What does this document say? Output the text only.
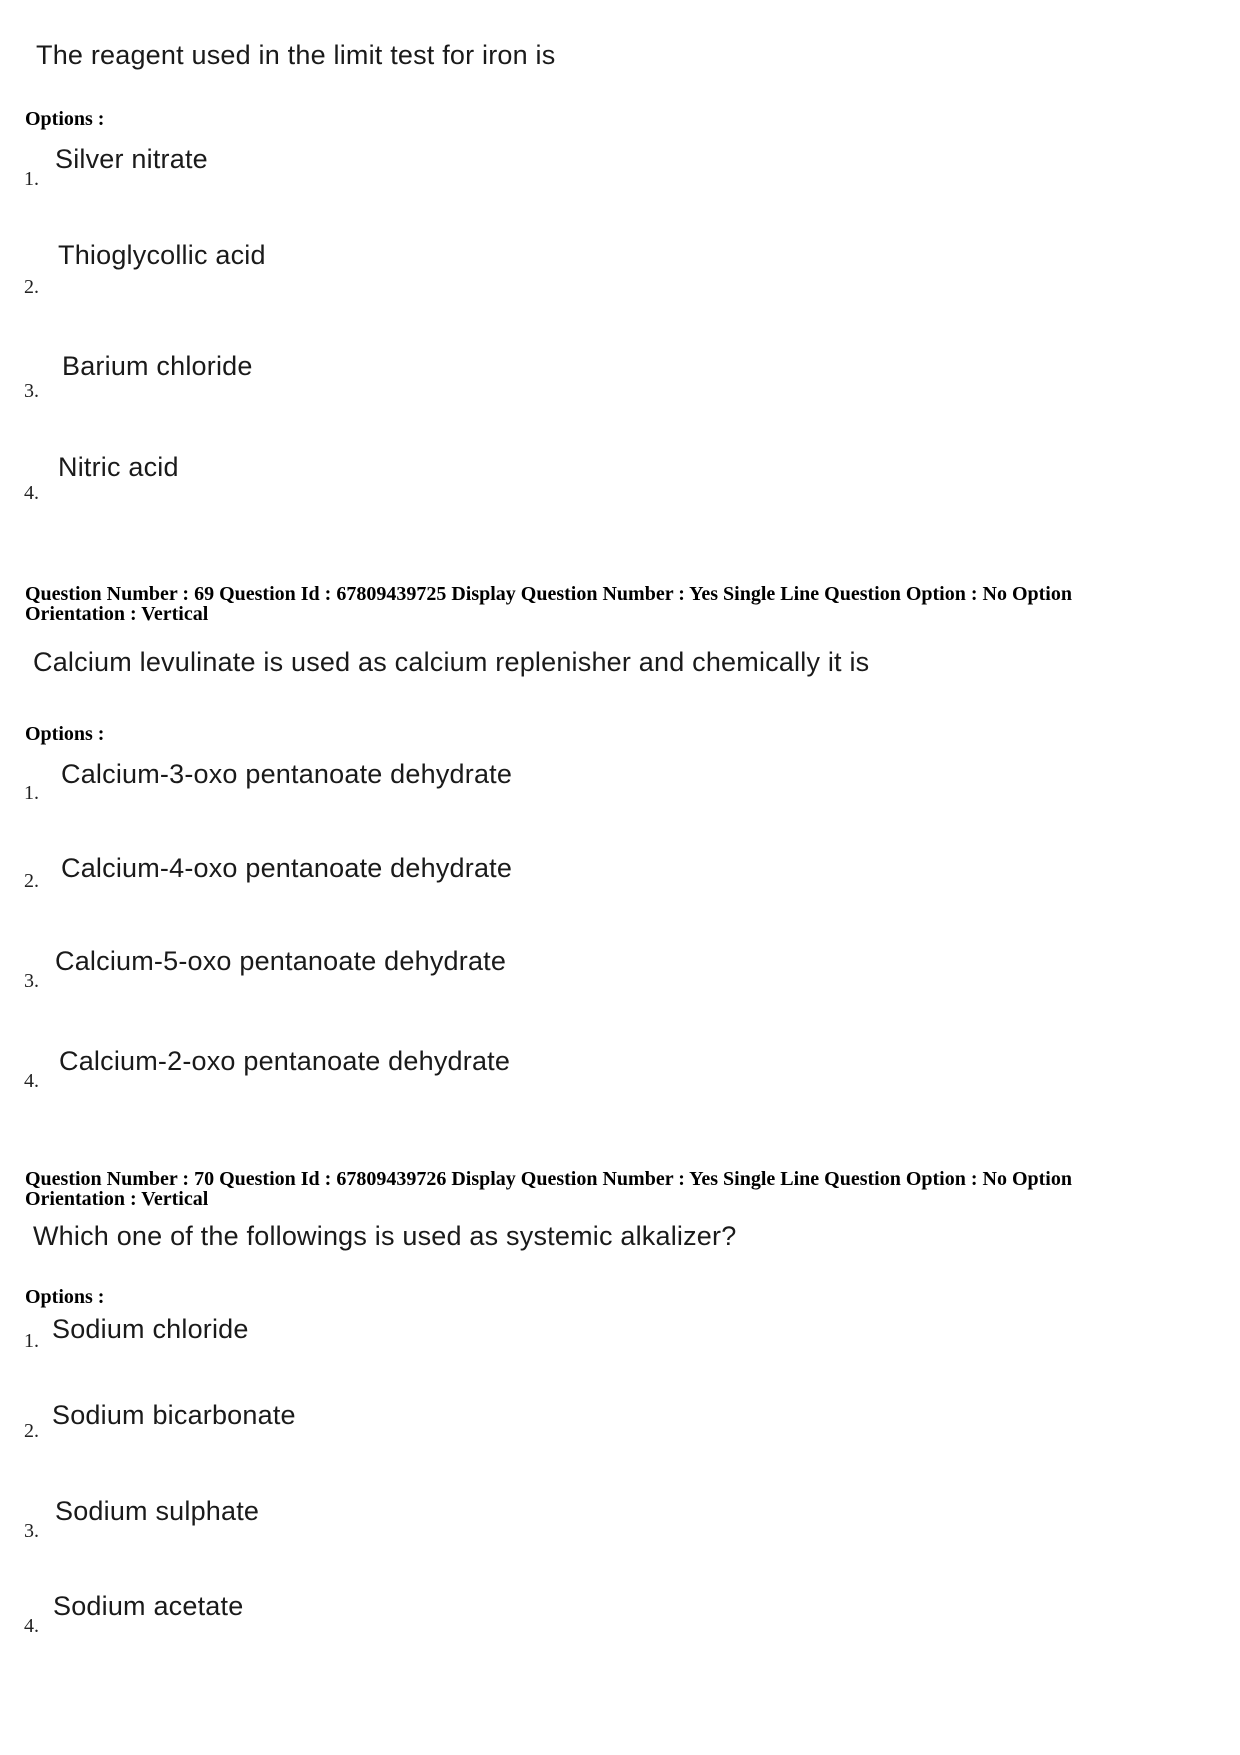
The reagent used in the limit test for iron is
Options :
Silver nitrate
1.
Thioglycollic acid
2.
Barium chloride
3.
Nitric acid
4.
Question Number : 69 Question Id : 67809439725 Display Question Number : Yes Single Line Question Option : No Option
Orientation : Vertical
Calcium levulinate is used as calcium replenisher and chemically it is
Options :
Calcium-3-oxo pentanoate dehydrate
1.
Calcium-4-oxo pentanoate dehydrate
2.
Calcium-5-oxo pentanoate dehydrate
3.
Calcium-2-oxo pentanoate dehydrate
4.
Question Number : 70 Question Id : 67809439726 Display Question Number : Yes Single Line Question Option : No Option
Orientation : Vertical
Which one of the followings is used as systemic alkalizer?
Options :
Sodium chloride
1.
Sodium bicarbonate
2.
Sodium sulphate
3.
Sodium acetate
4.
